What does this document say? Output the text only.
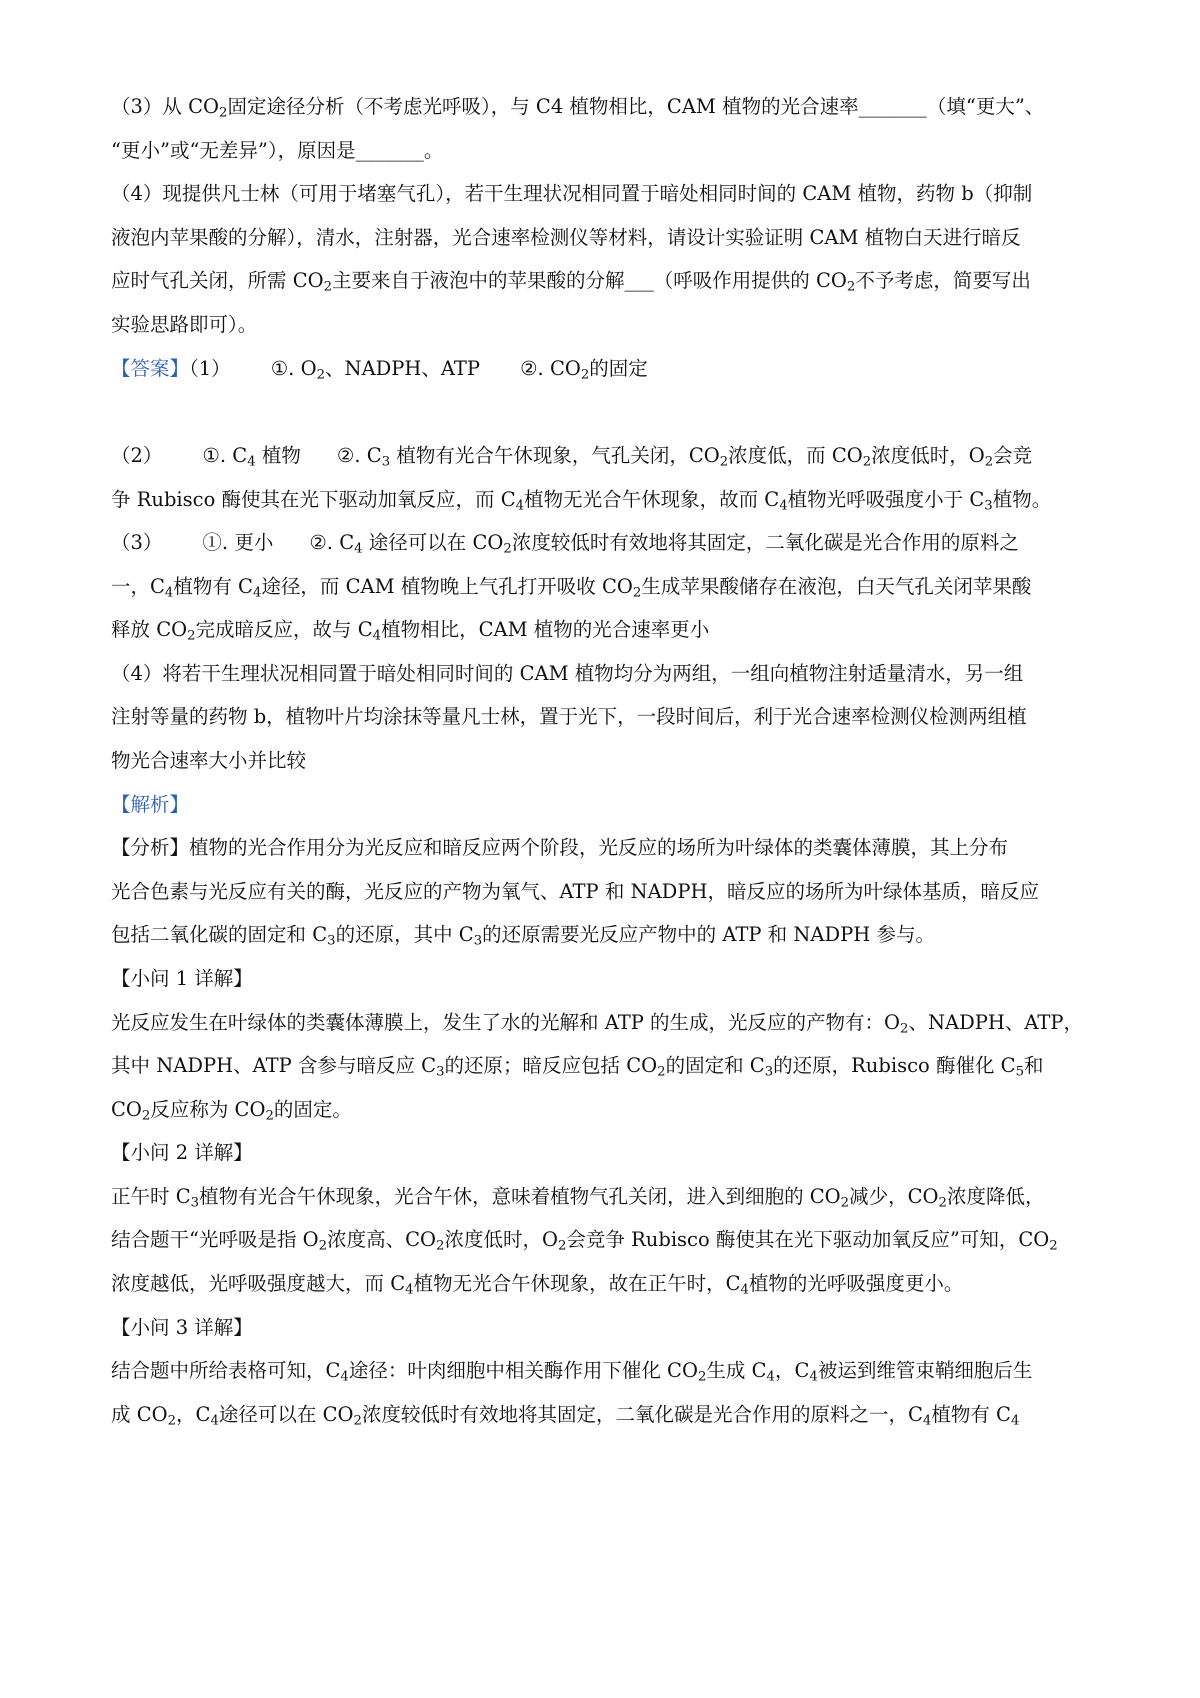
（3）从 $CO_2$固定途径分析（不考虑光呼吸），与 C4 植物相比，CAM 植物的光合速率_______（填“更大”、
“更小”或“无差异”），原因是_______。
（4）现提供凡士林（可用于堵塞气孔），若干生理状况相同置于暗处相同时间的 CAM 植物，药物 b（抑制
液泡内苹果酸的分解），清水，注射器，光合速率检测仪等材料，请设计实验证明 CAM 植物白天进行暗反
应时气孔关闭，所需 $CO_2$主要来自于液泡中的苹果酸的分解___（呼吸作用提供的 $CO_2$不予考虑，简要写出
实验思路即可）。
【答案】（1） ①. $O_2$、NADPH、ATP ②. $CO_2$的固定
（2） ①. $C_4$ 植物 ②. $C_3$ 植物有光合午休现象，气孔关闭，$CO_2$浓度低，而 $CO_2$浓度低时，$O_2$会竞
争 Rubisco 酶使其在光下驱动加氧反应，而 $C_4$植物无光合午休现象，故而 $C_4$植物光呼吸强度小于 $C_3$植物。
（3） ①. 更小 ②. $C_4$ 途径可以在 $CO_2$浓度较低时有效地将其固定，二氧化碳是光合作用的原料之
一，$C_4$植物有 $C_4$途径，而 CAM 植物晚上气孔打开吸收 $CO_2$生成苹果酸储存在液泡，白天气孔关闭苹果酸
释放 $CO_2$完成暗反应，故与 $C_4$植物相比，CAM 植物的光合速率更小
（4）将若干生理状况相同置于暗处相同时间的 CAM 植物均分为两组，一组向植物注射适量清水，另一组
注射等量的药物 b，植物叶片均涂抹等量凡士林，置于光下，一段时间后，利于光合速率检测仪检测两组植
物光合速率大小并比较
【解析】
【分析】植物的光合作用分为光反应和暗反应两个阶段，光反应的场所为叶绿体的类囊体薄膜，其上分布
光合色素与光反应有关的酶，光反应的产物为氧气、ATP 和 NADPH，暗反应的场所为叶绿体基质，暗反应
包括二氧化碳的固定和 $C_3$的还原，其中 $C_3$的还原需要光反应产物中的 ATP 和 NADPH 参与。
【小问 1 详解】
光反应发生在叶绿体的类囊体薄膜上，发生了水的光解和 ATP 的生成，光反应的产物有：$O_2$、NADPH、ATP，
其中 NADPH、ATP 含参与暗反应 $C_3$的还原；暗反应包括 $CO_2$的固定和 $C_3$的还原，Rubisco 酶催化 $C_5$和
$CO_2$反应称为 $CO_2$的固定。
【小问 2 详解】
正午时 $C_3$植物有光合午休现象，光合午休，意味着植物气孔关闭，进入到细胞的 $CO_2$减少，$CO_2$浓度降低，
结合题干“光呼吸是指 $O_2$浓度高、$CO_2$浓度低时，$O_2$会竞争 Rubisco 酶使其在光下驱动加氧反应”可知，$CO_2$
浓度越低，光呼吸强度越大，而 $C_4$植物无光合午休现象，故在正午时，$C_4$植物的光呼吸强度更小。
【小问 3 详解】
结合题中所给表格可知，$C_4$途径：叶肉细胞中相关酶作用下催化 $CO_2$生成 $C_4$，$C_4$被运到维管束鞘细胞后生
成 $CO_2$，$C_4$途径可以在 $CO_2$浓度较低时有效地将其固定，二氧化碳是光合作用的原料之一，$C_4$植物有 $C_4$
